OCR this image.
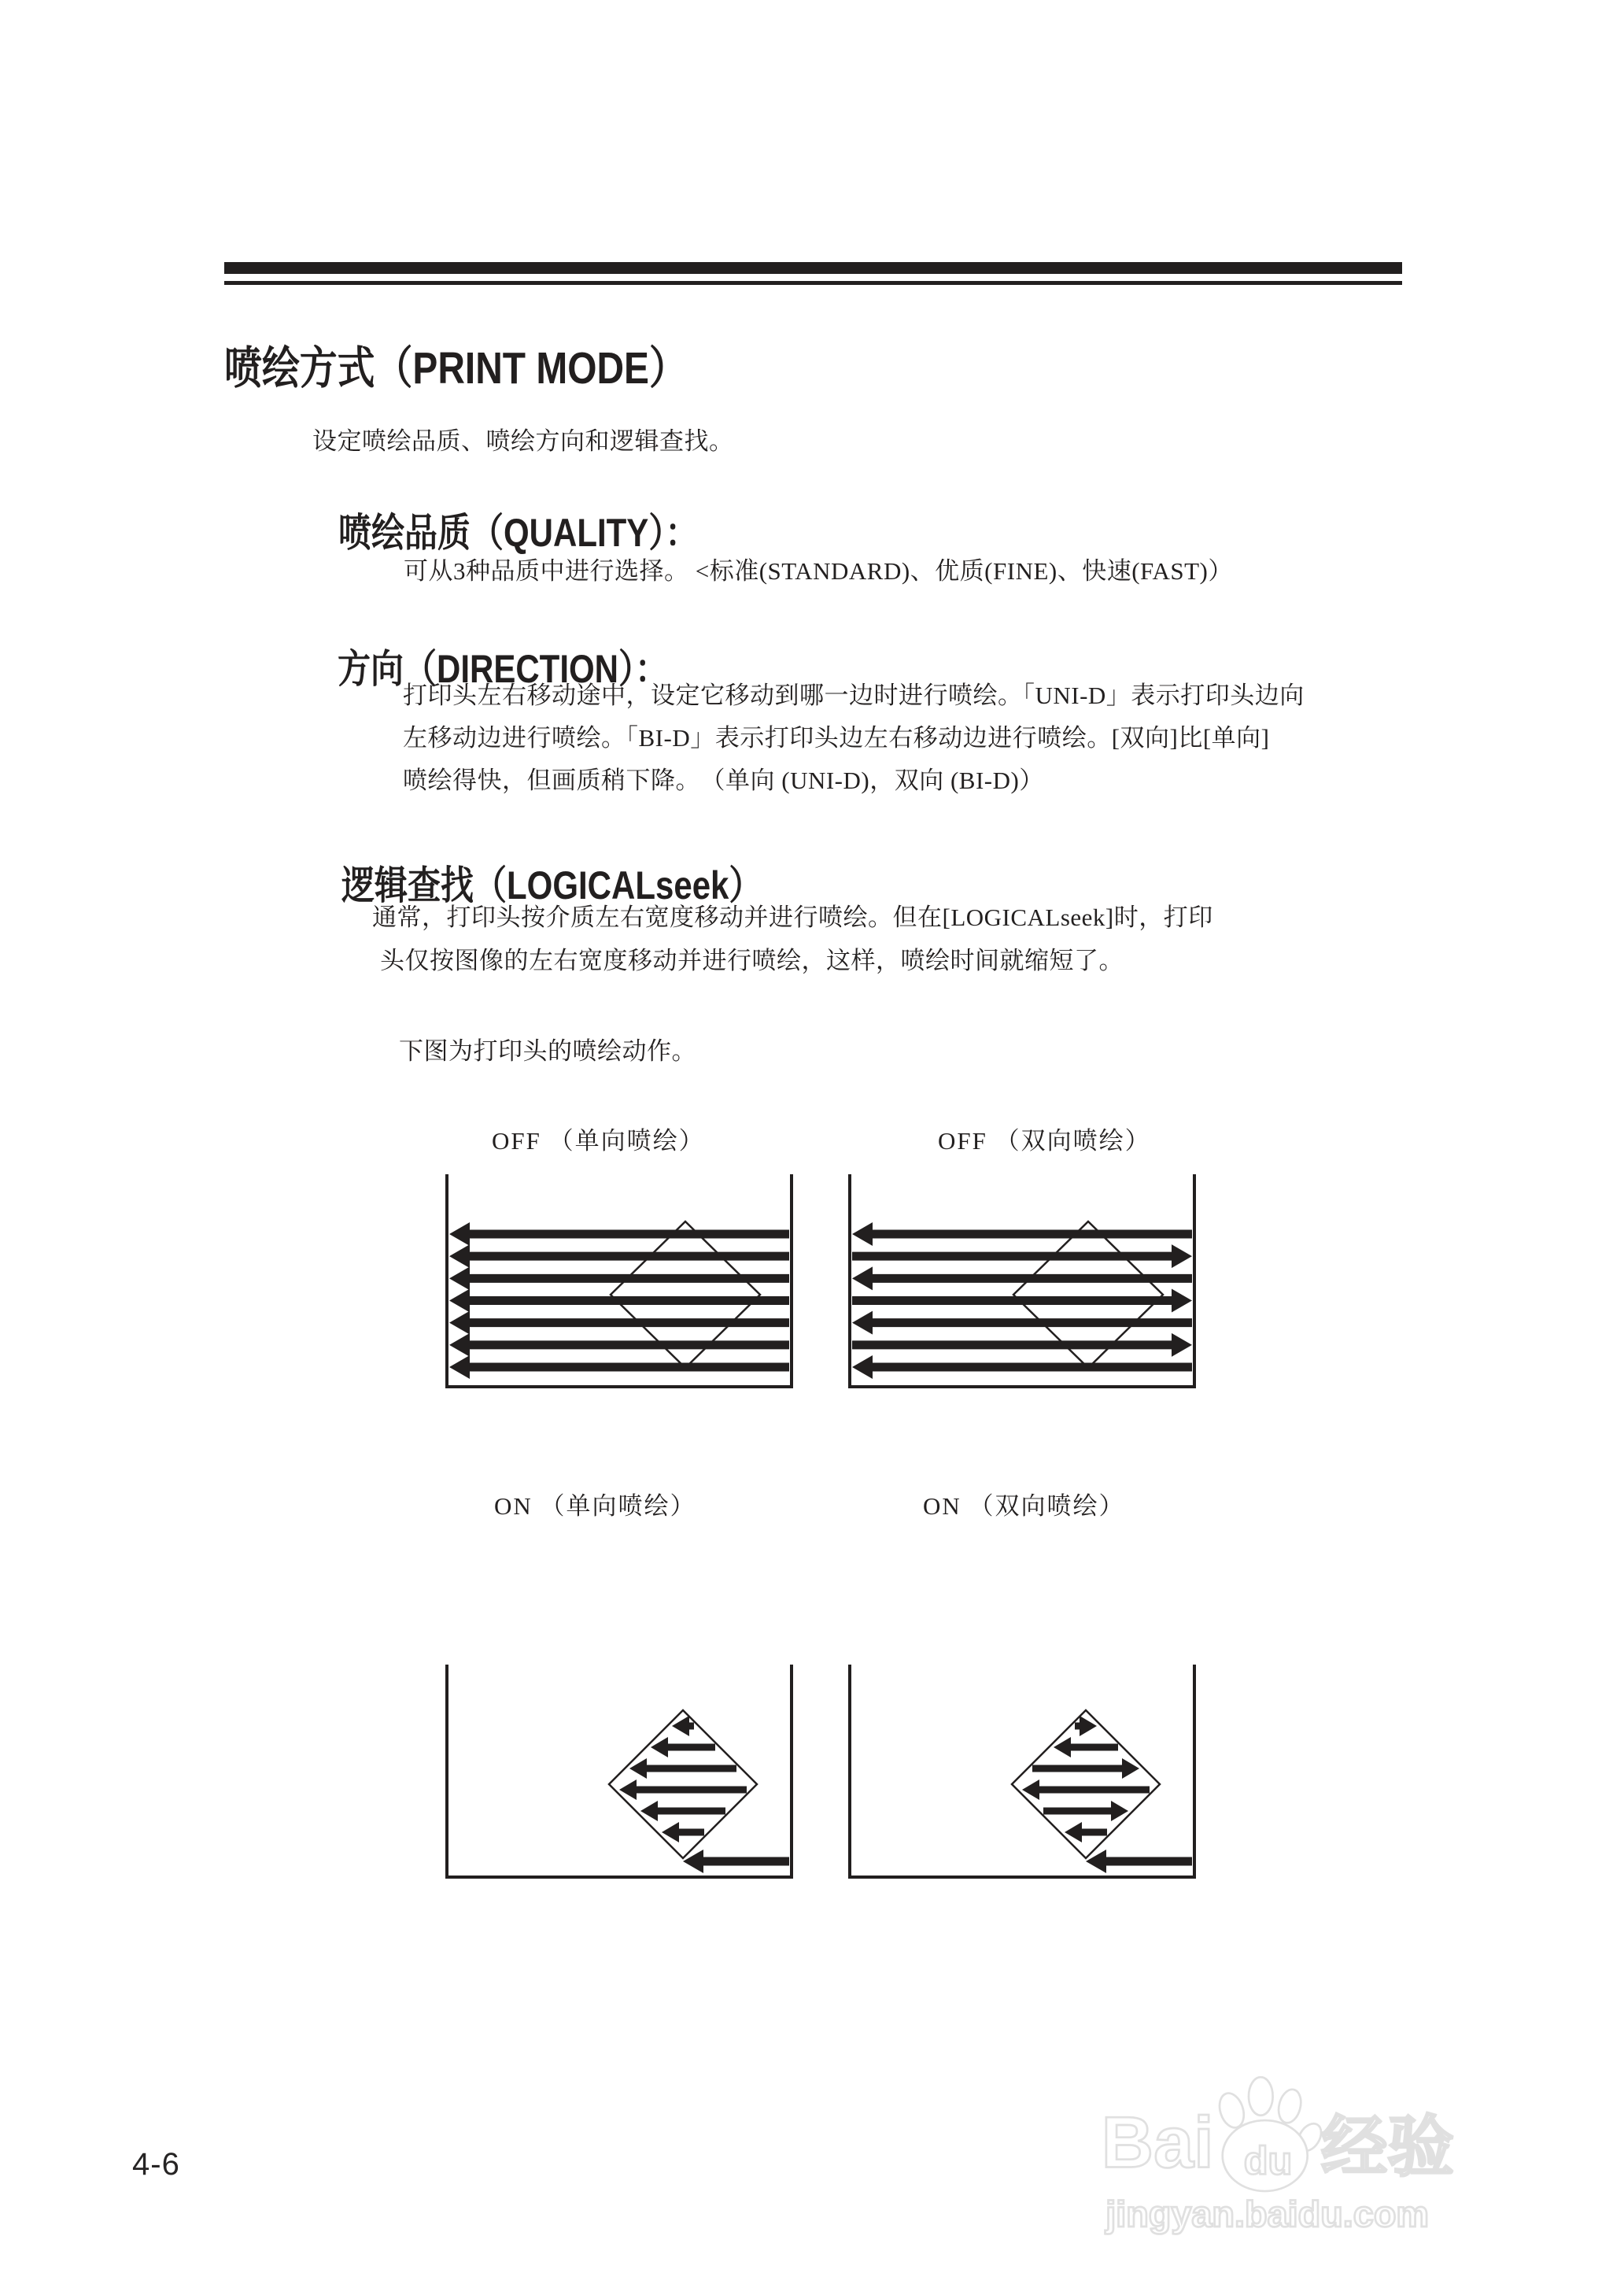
喷绘方式（PRINT MODE）
设定喷绘品质、喷绘方向和逻辑查找。
喷绘品质（QUALITY）：
可从3种品质中进行选择。 <标准(STANDARD)、优质(FINE)、快速(FAST)）
方向（DIRECTION）：
打印头左右移动途中，设定它移动到哪一边时进行喷绘。「UNI-D」表示打印头边向
左移动边进行喷绘。「BI-D」表示打印头边左右移动边进行喷绘。[双向]比[单向]
喷绘得快，但画质稍下降。　（单向 (UNI-D)，双向 (BI-D)）
逻辑查找（LOGICALseek）
通常，打印头按介质左右宽度移动并进行喷绘。但在[LOGICALseek]时，打印
头仅按图像的左右宽度移动并进行喷绘，这样，喷绘时间就缩短了。
下图为打印头的喷绘动作。
OFF （单向喷绘）	OFF （双向喷绘）
ON （单向喷绘）	ON （双向喷绘）
4-6	Bai du 经验
jingyan.baidu.com
